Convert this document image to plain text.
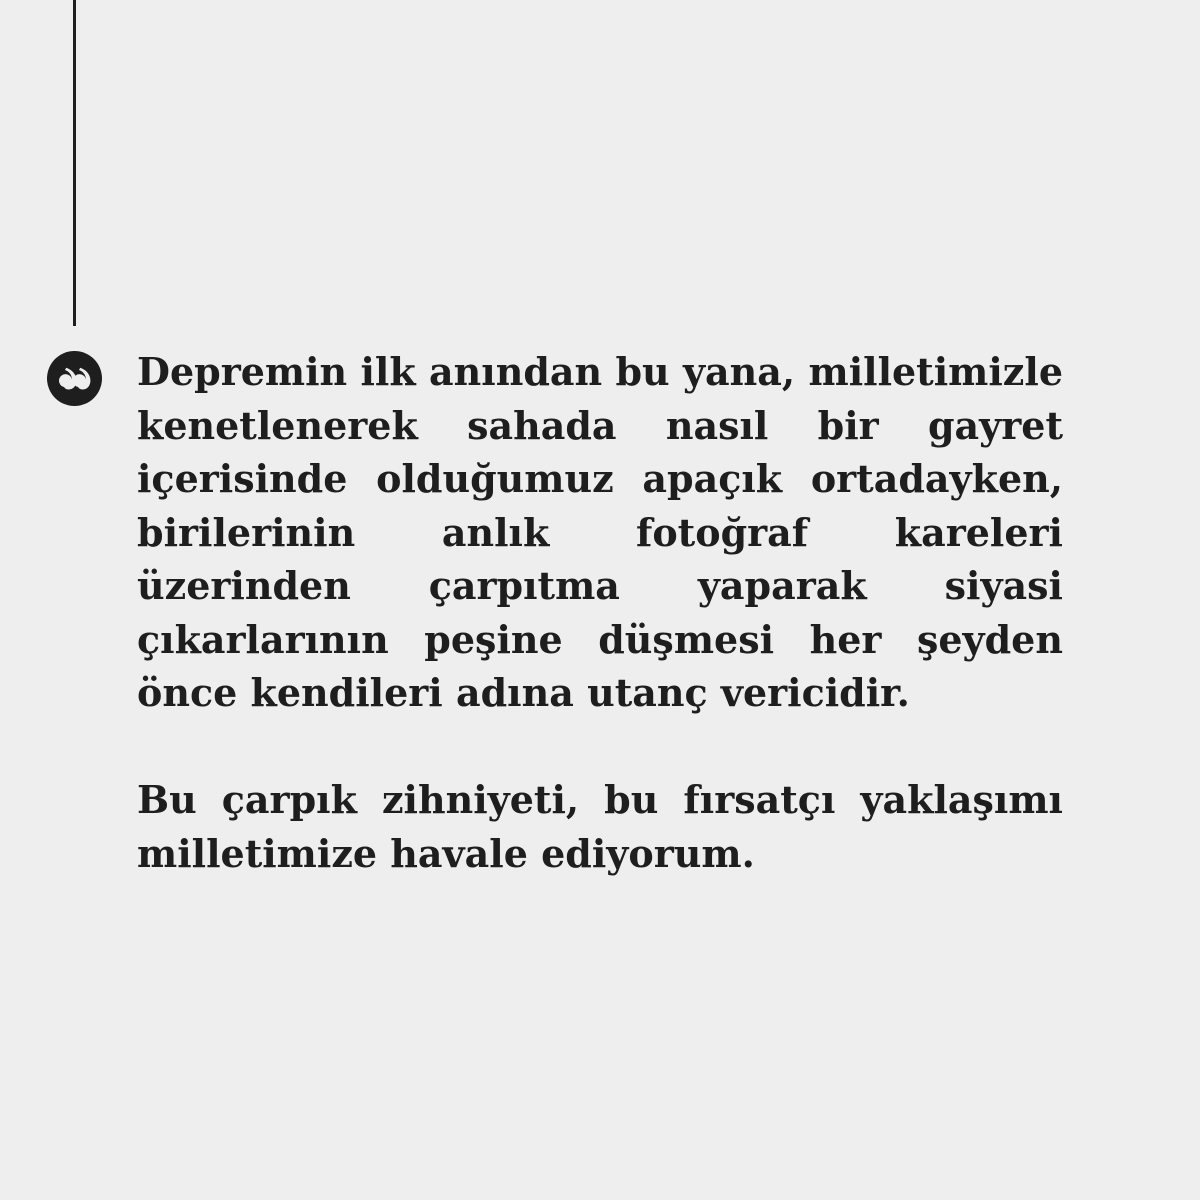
Depremin ilk anından bu yana, milletimizle kenetlenerek sahada nasıl bir gayret içerisinde olduğumuz apaçık ortadayken, birilerinin anlık fotoğraf kareleri üzerinden çarpıtma yaparak siyasi çıkarlarının peşine düşmesi her şeyden önce kendileri adına utanç vericidir.

Bu çarpık zihniyeti, bu fırsatçı yaklaşımı milletimize havale ediyorum.
